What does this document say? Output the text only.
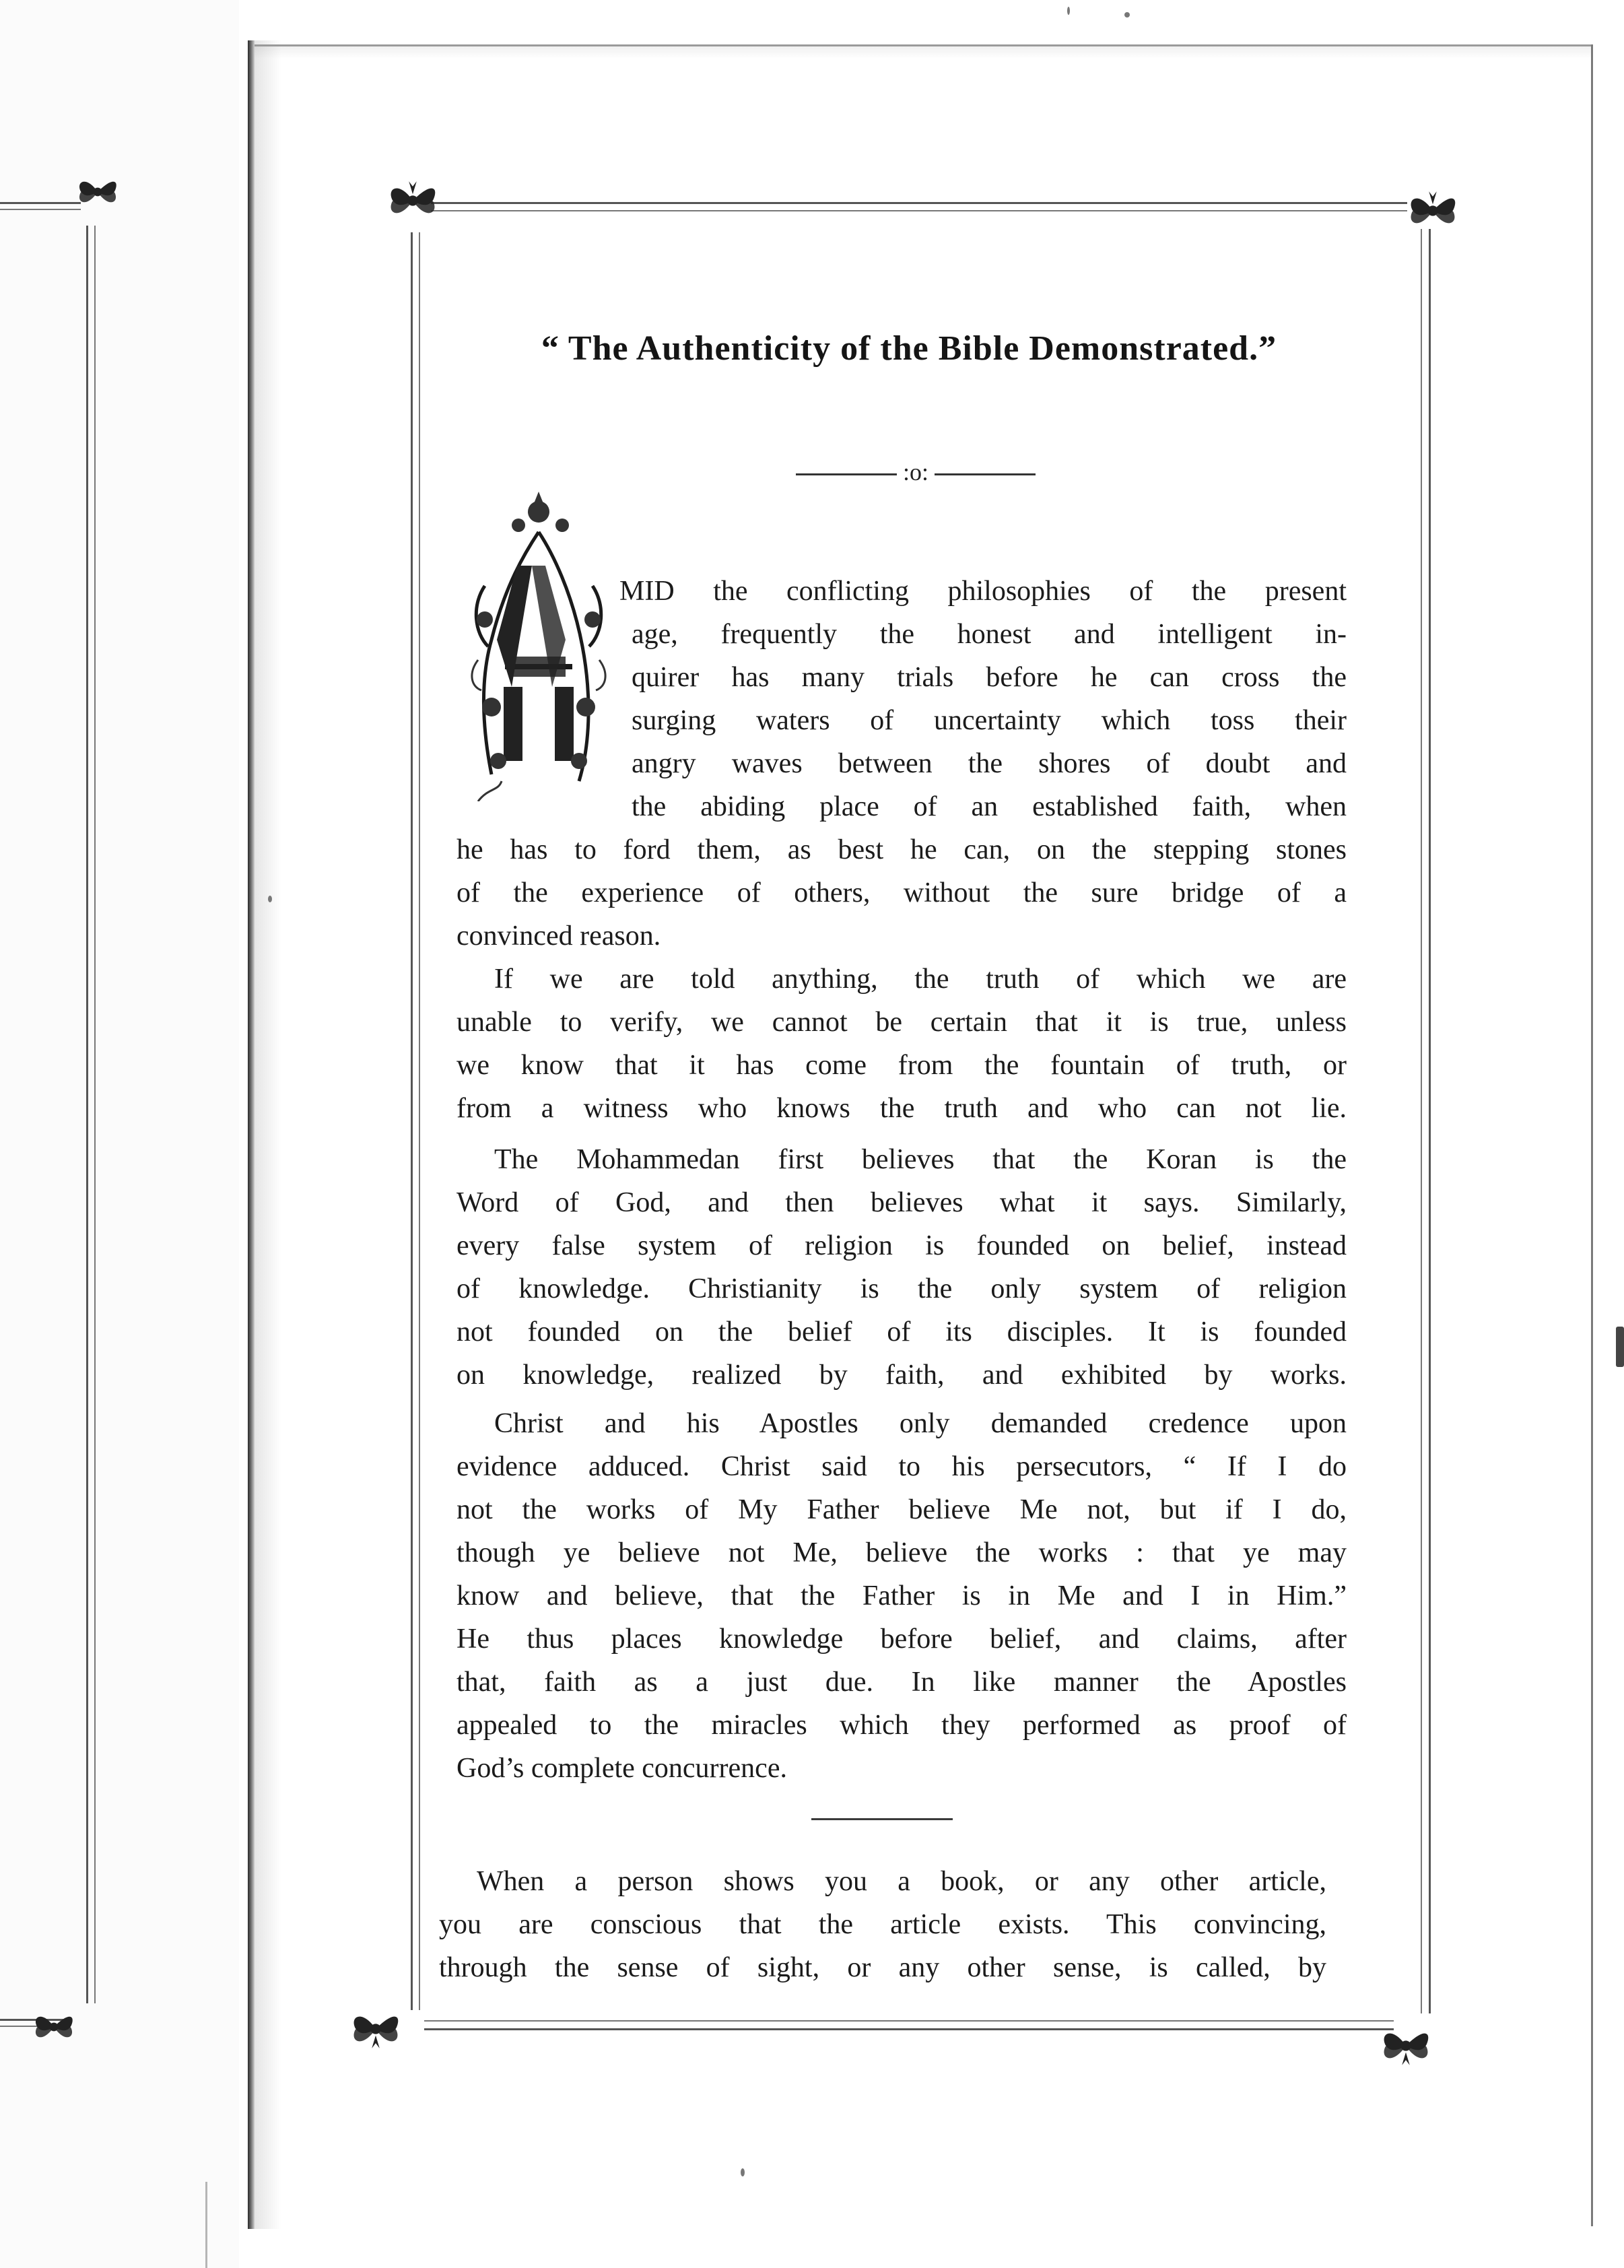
“ The Authenticity of the Bible Demonstrated.”
:o:
MID the conflicting philosophies of the present
age, frequently the honest and intelligent in-
quirer has many trials before he can cross the
surging waters of uncertainty which toss their
angry waves between the shores of doubt and
the abiding place of an established faith, when
he has to ford them, as best he can, on the stepping stones
of the experience of others, without the sure bridge of a
convinced reason.
If we are told anything, the truth of which we are
unable to verify, we cannot be certain that it is true, unless
we know that it has come from the fountain of truth, or
from a witness who knows the truth and who can not lie.
The Mohammedan first believes that the Koran is the
Word of God, and then believes what it says. Similarly,
every false system of religion is founded on belief, instead
of knowledge. Christianity is the only system of religion
not founded on the belief of its disciples. It is founded
on knowledge, realized by faith, and exhibited by works.
Christ and his Apostles only demanded credence upon
evidence adduced. Christ said to his persecutors, “ If I do
not the works of My Father believe Me not, but if I do,
though ye believe not Me, believe the works : that ye may
know and believe, that the Father is in Me and I in Him.”
He thus places knowledge before belief, and claims, after
that, faith as a just due. In like manner the Apostles
appealed to the miracles which they performed as proof of
God’s complete concurrence.
When a person shows you a book, or any other article,
you are conscious that the article exists. This convincing,
through the sense of sight, or any other sense, is called, by
